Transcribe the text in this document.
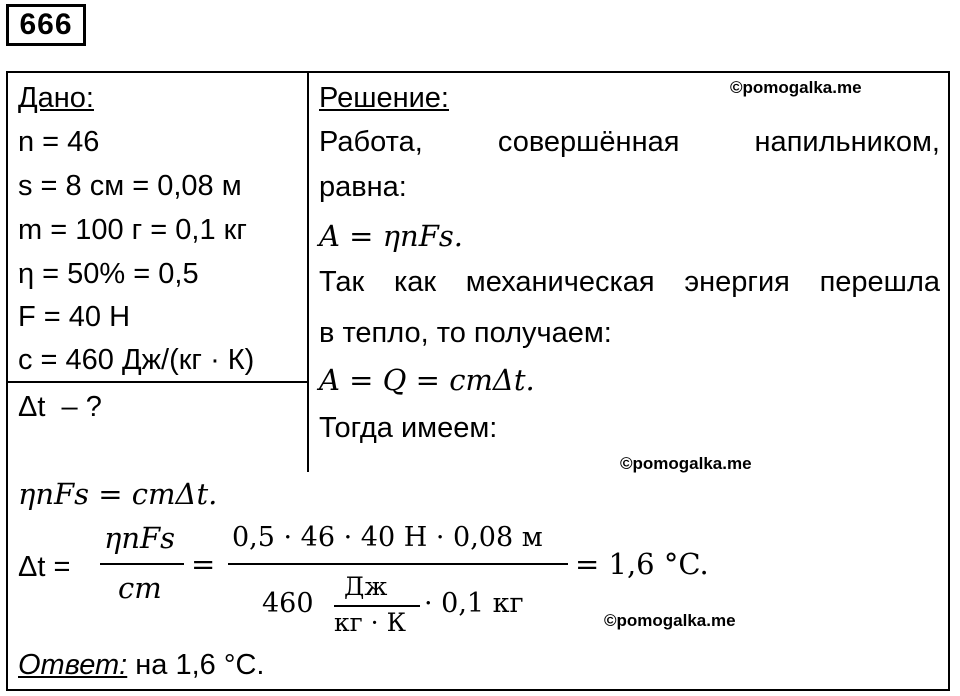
666
Дано:
n = 46
s = 8 см = 0,08 м
m = 100 г = 0,1 кг
η = 50% = 0,5
F = 40 Н
c = 460 Дж/(кг · К)
Δt  – ?
Решение:	©pomogalka.me
Работа,	совершённая	напильником,
равна:
A = ηnFs.
Так как механическая энергия перешла
в тепло, то получаем:
A = Q = cmΔt.
Тогда имеем:
©pomogalka.me
ηnFs = cmΔt.
Δt =
ηnFs
cm
=
0,5 · 46 · 40 Н · 0,08 м
460
Дж
кг · К
· 0,1 кг
= 1,6 °C.
©pomogalka.me
Ответ: на 1,6 °С.
